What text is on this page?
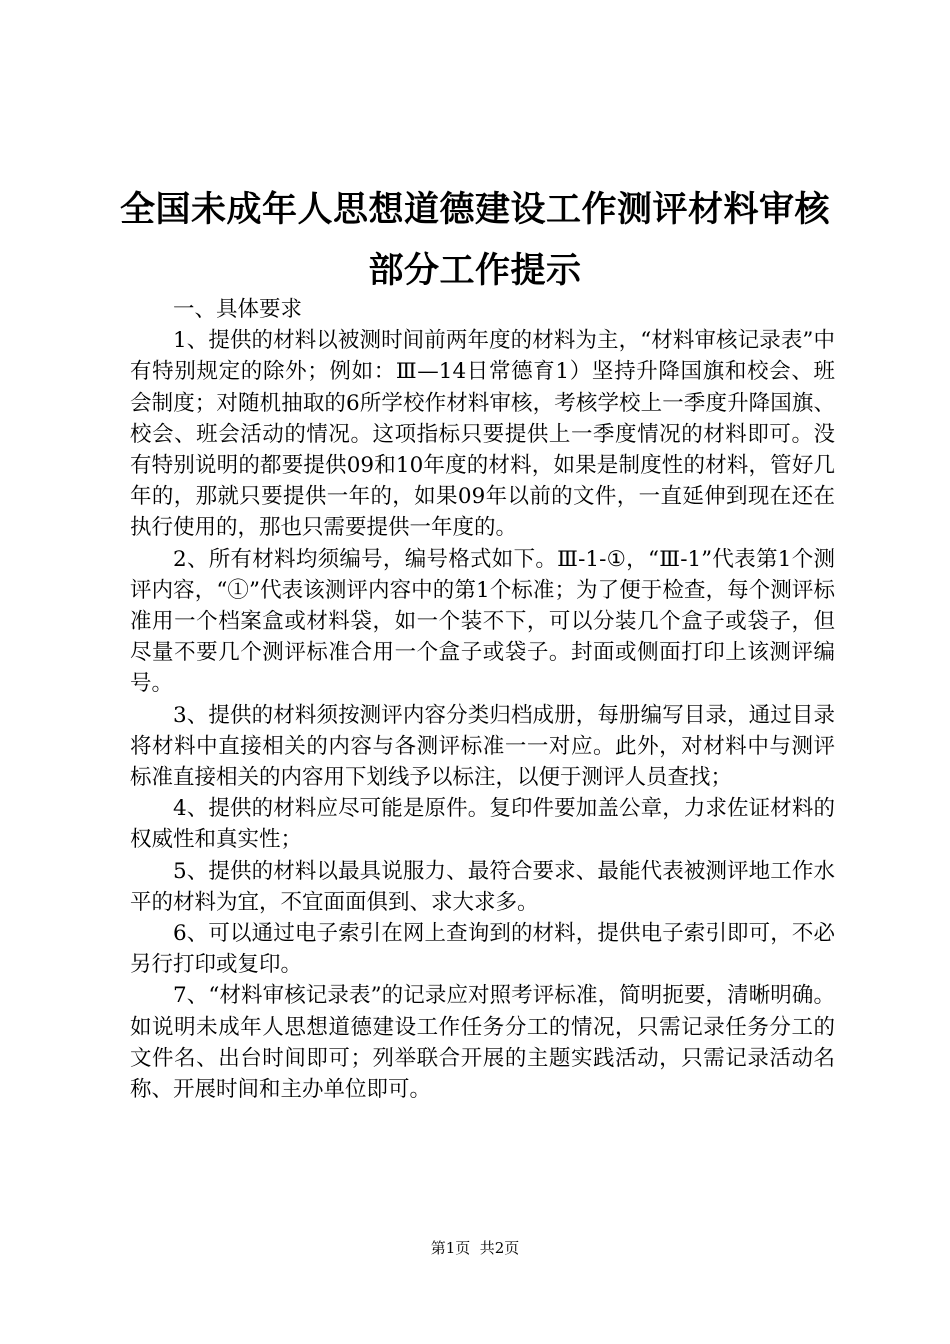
全国未成年人思想道德建设工作测评材料审核
部分工作提示

一、具体要求

1、提供的材料以被测时间前两年度的材料为主，“材料审核记录表”中有特别规定的除外；例如：Ⅲ—14日常德育1）坚持升降国旗和校会、班会制度；对随机抽取的6所学校作材料审核，考核学校上一季度升降国旗、校会、班会活动的情况。这项指标只要提供上一季度情况的材料即可。没有特别说明的都要提供09和10年度的材料，如果是制度性的材料，管好几年的，那就只要提供一年的，如果09年以前的文件，一直延伸到现在还在执行使用的，那也只需要提供一年度的。

2、所有材料均须编号，编号格式如下。Ⅲ-1-①，“Ⅲ-1”代表第1个测评内容，“①”代表该测评内容中的第1个标准；为了便于检查，每个测评标准用一个档案盒或材料袋，如一个装不下，可以分装几个盒子或袋子，但尽量不要几个测评标准合用一个盒子或袋子。封面或侧面打印上该测评编号。

3、提供的材料须按测评内容分类归档成册，每册编写目录，通过目录将材料中直接相关的内容与各测评标准一一对应。此外，对材料中与测评标准直接相关的内容用下划线予以标注，以便于测评人员查找；

4、提供的材料应尽可能是原件。复印件要加盖公章，力求佐证材料的权威性和真实性；

5、提供的材料以最具说服力、最符合要求、最能代表被测评地工作水平的材料为宜，不宜面面俱到、求大求多。

6、可以通过电子索引在网上查询到的材料，提供电子索引即可，不必另行打印或复印。

7、“材料审核记录表”的记录应对照考评标准，简明扼要，清晰明确。如说明未成年人思想道德建设工作任务分工的情况，只需记录任务分工的文件名、出台时间即可；列举联合开展的主题实践活动，只需记录活动名称、开展时间和主办单位即可。

第1页  共2页
